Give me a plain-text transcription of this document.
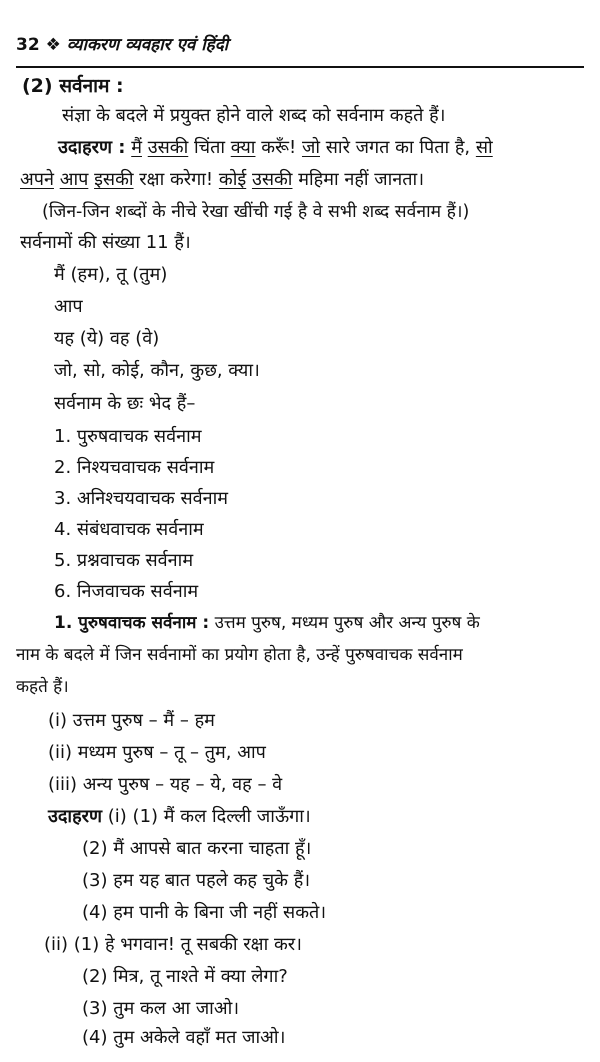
32 ❖ व्याकरण व्यवहार एवं हिंदी
(2) सर्वनाम :
संज्ञा के बदले में प्रयुक्त होने वाले शब्द को सर्वनाम कहते हैं।
उदाहरण : मैं उसकी चिंता क्या करूँ! जो सारे जगत का पिता है, सो
अपने आप इसकी रक्षा करेगा! कोई उसकी महिमा नहीं जानता।
(जिन-जिन शब्दों के नीचे रेखा खींची गई है वे सभी शब्द सर्वनाम हैं।)
सर्वनामों की संख्या 11 हैं।
मैं (हम), तू (तुम)
आप
यह (ये) वह (वे)
जो, सो, कोई, कौन, कुछ, क्या।
सर्वनाम के छः भेद हैं–
1. पुरुषवाचक सर्वनाम
2. निश्यचवाचक सर्वनाम
3. अनिश्चयवाचक सर्वनाम
4. संबंधवाचक सर्वनाम
5. प्रश्नवाचक सर्वनाम
6. निजवाचक सर्वनाम
1. पुरुषवाचक सर्वनाम : उत्तम पुरुष, मध्यम पुरुष और अन्य पुरुष के
नाम के बदले में जिन सर्वनामों का प्रयोग होता है, उन्हें पुरुषवाचक सर्वनाम
कहते हैं।
(i) उत्तम पुरुष – मैं – हम
(ii) मध्यम पुरुष – तू – तुम, आप
(iii) अन्य पुरुष – यह – ये, वह – वे
उदाहरण (i) (1) मैं कल दिल्ली जाऊँगा।
(2) मैं आपसे बात करना चाहता हूँ।
(3) हम यह बात पहले कह चुके हैं।
(4) हम पानी के बिना जी नहीं सकते।
(ii) (1) हे भगवान! तू सबकी रक्षा कर।
(2) मित्र, तू नाश्ते में क्या लेगा?
(3) तुम कल आ जाओ।
(4) तुम अकेले वहाँ मत जाओ।
